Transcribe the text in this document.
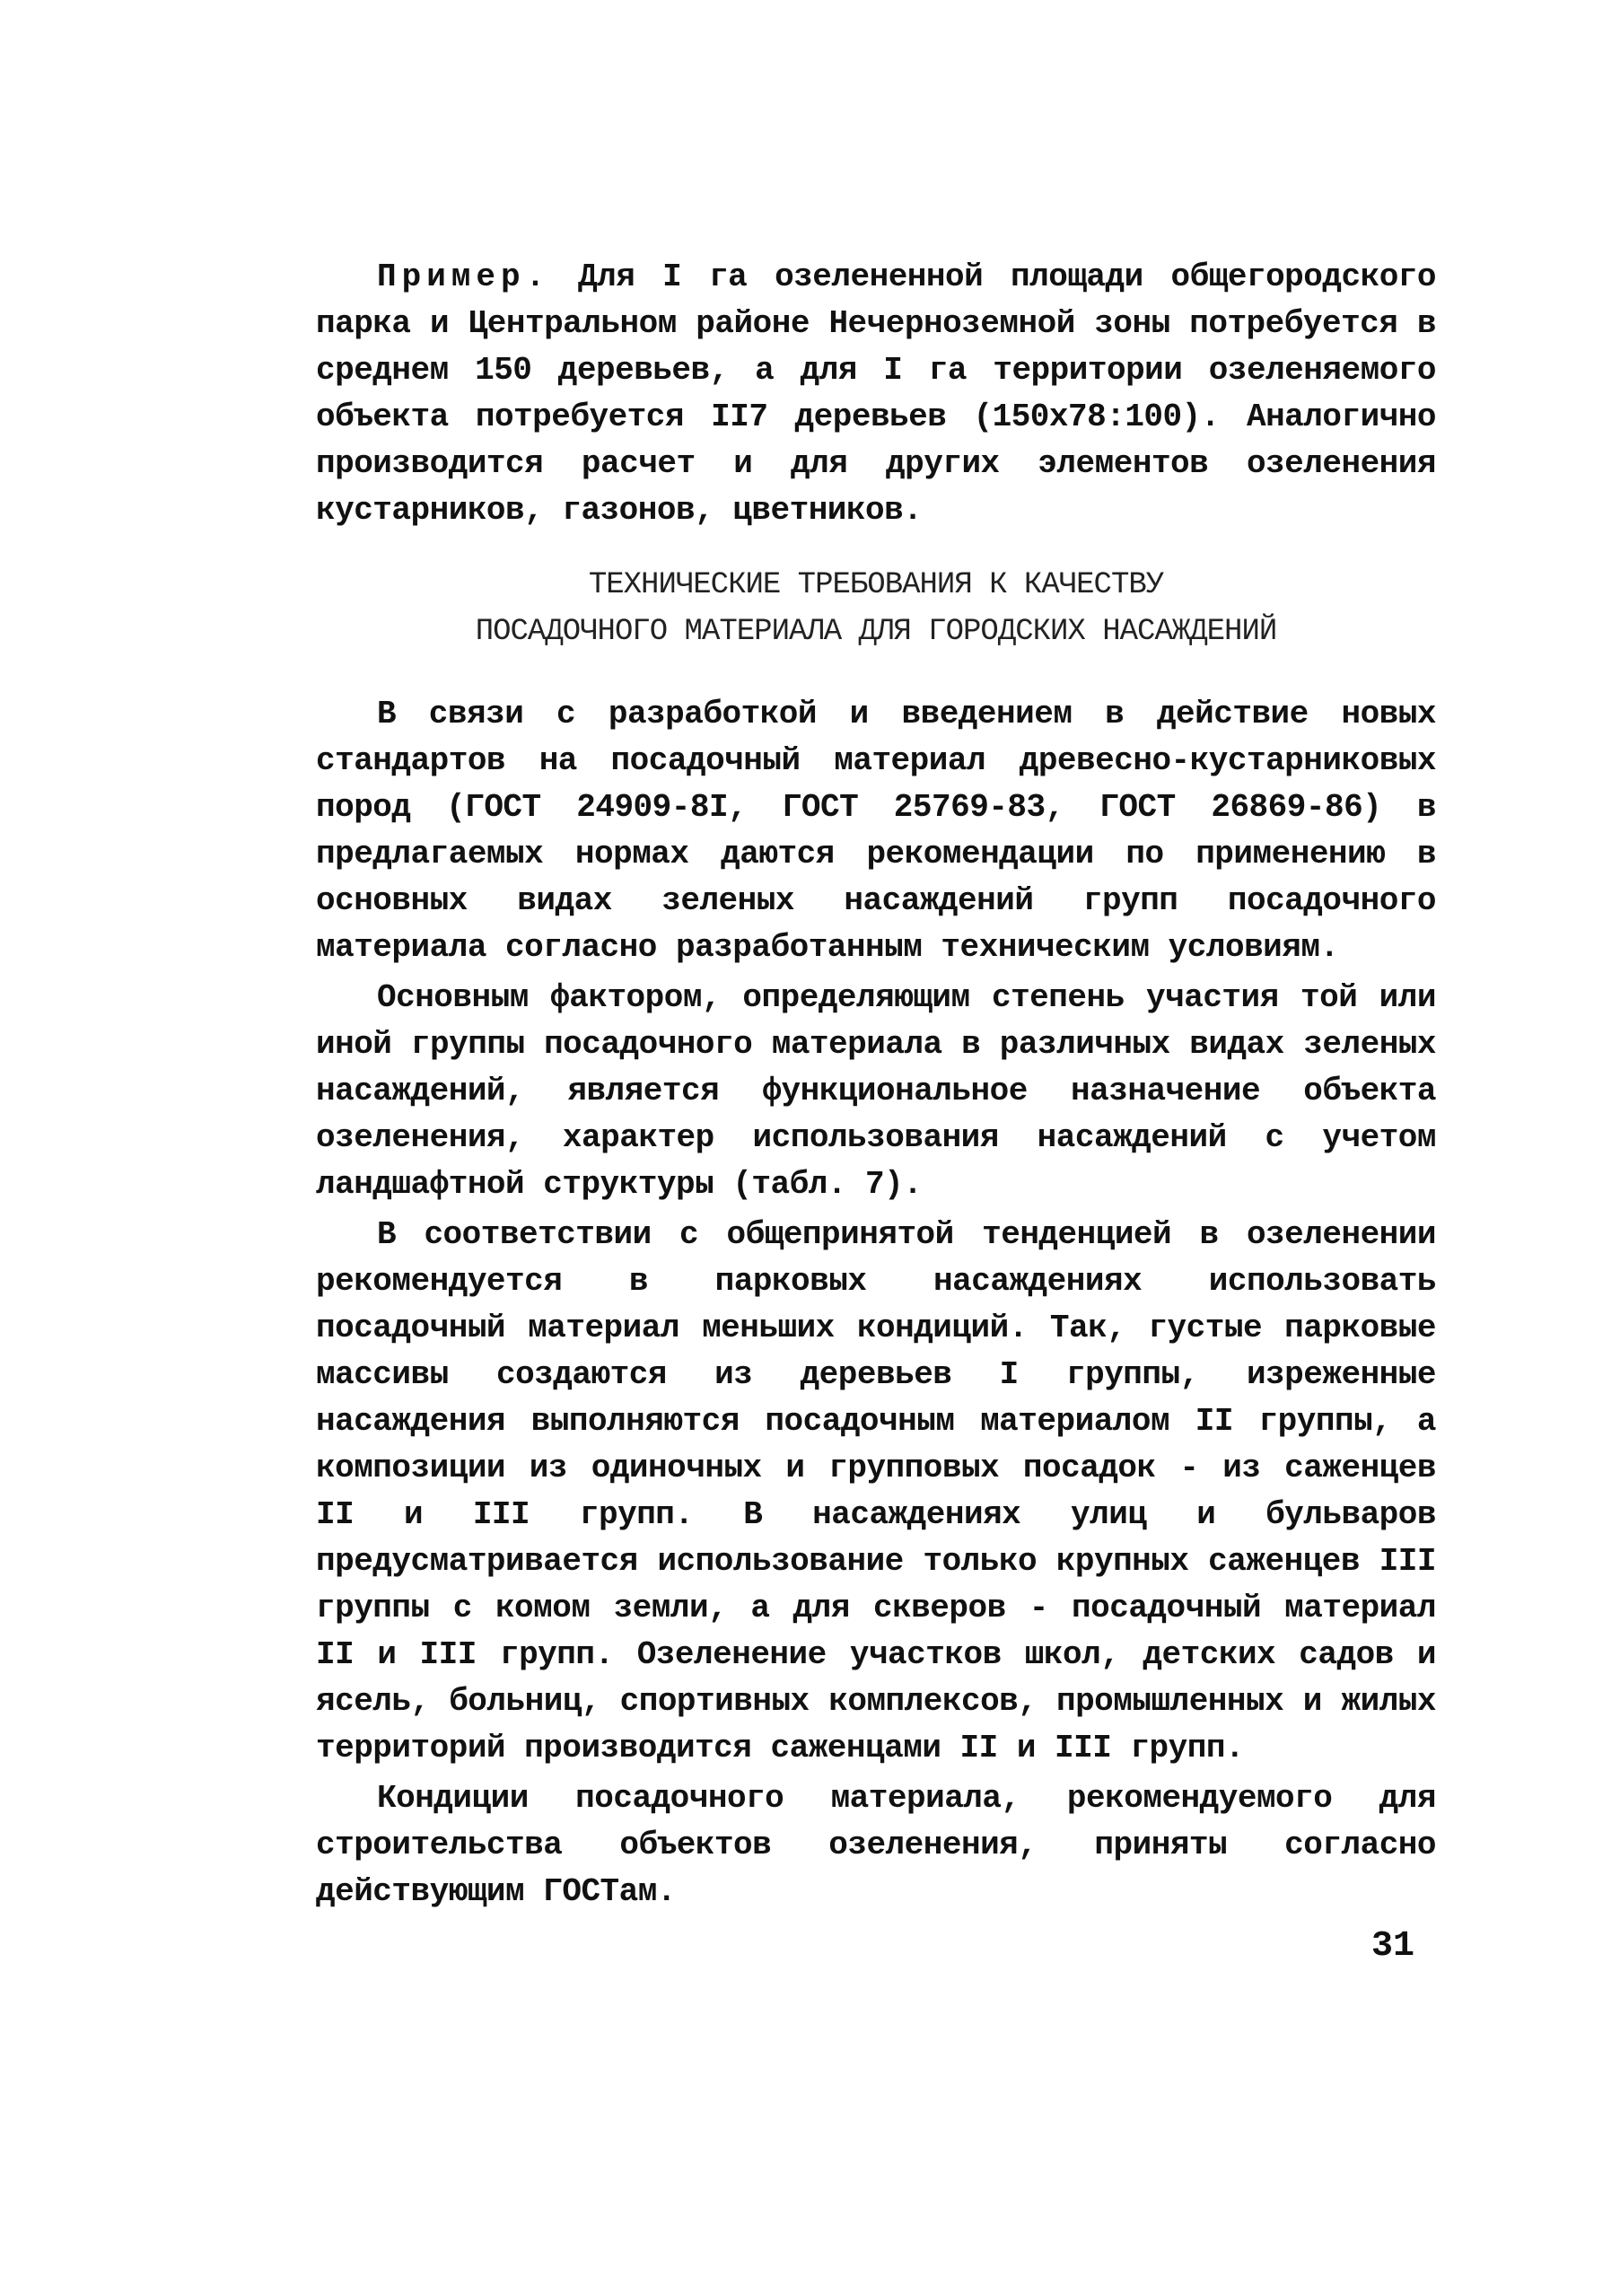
Пример. Для I га озелененной площади общегородского парка и Центральном районе Нечерноземной зоны потребуется в среднем 150 деревьев, а для I га территории озеленяемого объекта потребуется II7 деревьев (150х78:100). Аналогично производится расчет и для других элементов озеленения кустарников, газонов, цветников.

ТЕХНИЧЕСКИЕ ТРЕБОВАНИЯ К КАЧЕСТВУ
ПОСАДОЧНОГО МАТЕРИАЛА ДЛЯ ГОРОДСКИХ НАСАЖДЕНИЙ

В связи с разработкой и введением в действие новых стандартов на посадочный материал древесно-кустарниковых пород (ГОСТ 24909-8I, ГОСТ 25769-83, ГОСТ 26869-86) в предлагаемых нормах даются рекомендации по применению в основных видах зеленых насаждений групп посадочного материала согласно разработанным техническим условиям.

Основным фактором, определяющим степень участия той или иной группы посадочного материала в различных видах зеленых насаждений, является функциональное назначение объекта озеленения, характер использования насаждений с учетом ландшафтной структуры (табл. 7).

В соответствии с общепринятой тенденцией в озеленении рекомендуется в парковых насаждениях использовать посадочный материал меньших кондиций. Так, густые парковые массивы создаются из деревьев I группы, изреженные насаждения выполняются посадочным материалом II группы, а композиции из одиночных и групповых посадок - из саженцев II и III групп. В насаждениях улиц и бульваров предусматривается использование только крупных саженцев III группы с комом земли, а для скверов - посадочный материал II и III групп. Озеленение участков школ, детских садов и ясель, больниц, спортивных комплексов, промышленных и жилых территорий производится саженцами II и III групп.

Кондиции посадочного материала, рекомендуемого для строительства объектов озеленения, приняты согласно действующим ГОСТам.

31
